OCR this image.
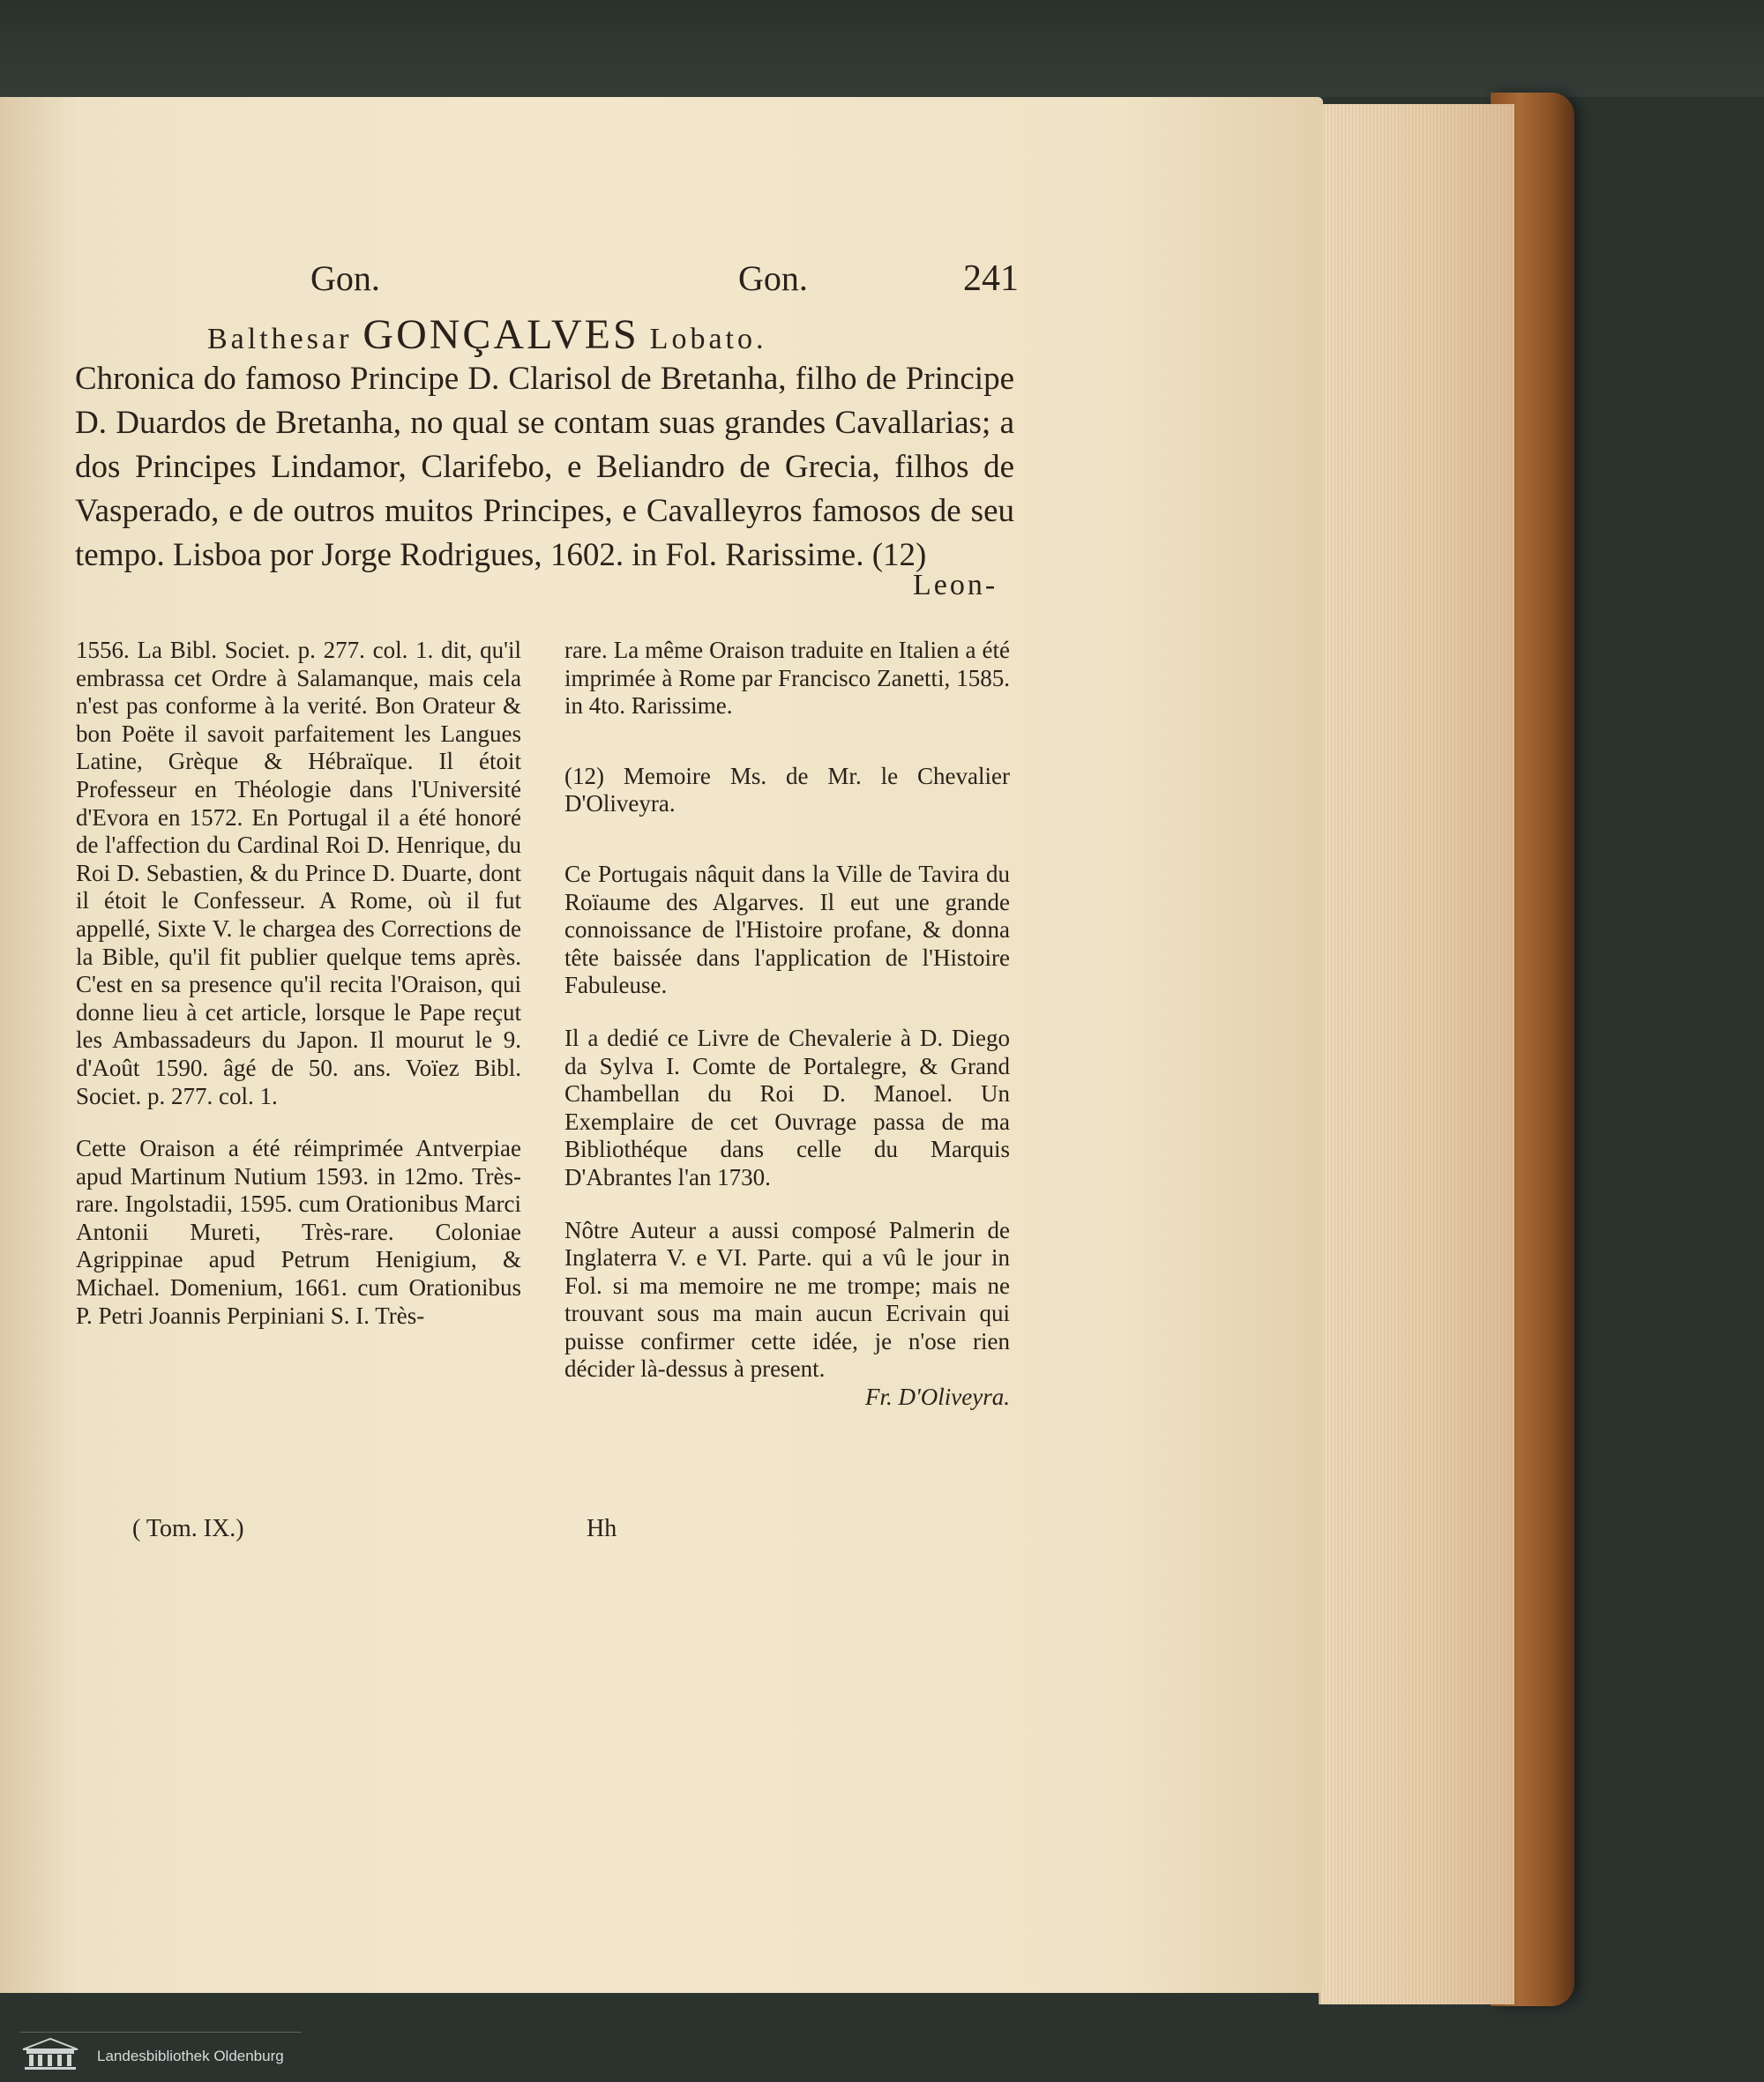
Gon.	Gon.	241
Balthesar GONÇALVES Lobato.
Chronica do famoso Principe D. Clarisol de Bretanha, filho de Principe D. Duardos de Bretanha, no qual se contam suas grandes Cavallarias; a dos Principes Lindamor, Clarifebo, e Beliandro de Grecia, filhos de Vasperado, e de outros muitos Principes, e Cavalleyros famosos de seu tempo. Lisboa por Jorge Rodrigues, 1602. in Fol. Rarissime. (12)
Leon-

1556. La Bibl. Societ. p. 277. col. 1. dit, qu'il embrassa cet Ordre à Salamanque, mais cela n'est pas conforme à la verité. Bon Orateur & bon Poëte il savoit parfaitement les Langues Latine, Grèque & Hébraïque. Il étoit Professeur en Théologie dans l'Université d'Evora en 1572. En Portugal il a été honoré de l'affection du Cardinal Roi D. Henrique, du Roi D. Sebastien, & du Prince D. Duarte, dont il étoit le Confesseur. A Rome, où il fut appellé, Sixte V. le chargea des Corrections de la Bible, qu'il fit publier quelque tems après. C'est en sa presence qu'il recita l'Oraison, qui donne lieu à cet article, lorsque le Pape reçut les Ambassadeurs du Japon. Il mourut le 9. d'Août 1590. âgé de 50. ans. Voïez Bibl. Societ. p. 277. col. 1.

Cette Oraison a été réimprimée Antverpiae apud Martinum Nutium 1593. in 12mo. Très-rare. Ingolstadii, 1595. cum Orationibus Marci Antonii Mureti, Très-rare. Coloniae Agrippinae apud Petrum Henigium, & Michael. Domenium, 1661. cum Orationibus P. Petri Joannis Perpiniani S. I. Très-

rare. La même Oraison traduite en Italien a été imprimée à Rome par Francisco Zanetti, 1585. in 4to. Rarissime.

(12) Memoire Ms. de Mr. le Chevalier D'Oliveyra.

Ce Portugais nâquit dans la Ville de Tavira du Roïaume des Algarves. Il eut une grande connoissance de l'Histoire profane, & donna tête baissée dans l'application de l'Histoire Fabuleuse.

Il a dedié ce Livre de Chevalerie à D. Diego da Sylva I. Comte de Portalegre, & Grand Chambellan du Roi D. Manoel. Un Exemplaire de cet Ouvrage passa de ma Bibliothéque dans celle du Marquis D'Abrantes l'an 1730.

Nôtre Auteur a aussi composé Palmerin de Inglaterra V. e VI. Parte. qui a vû le jour in Fol. si ma memoire ne me trompe; mais ne trouvant sous ma main aucun Ecrivain qui puisse confirmer cette idée, je n'ose rien décider là-dessus à present.

Fr. D'Oliveyra.

( Tom. IX.)	Hh
Landesbibliothek Oldenburg
